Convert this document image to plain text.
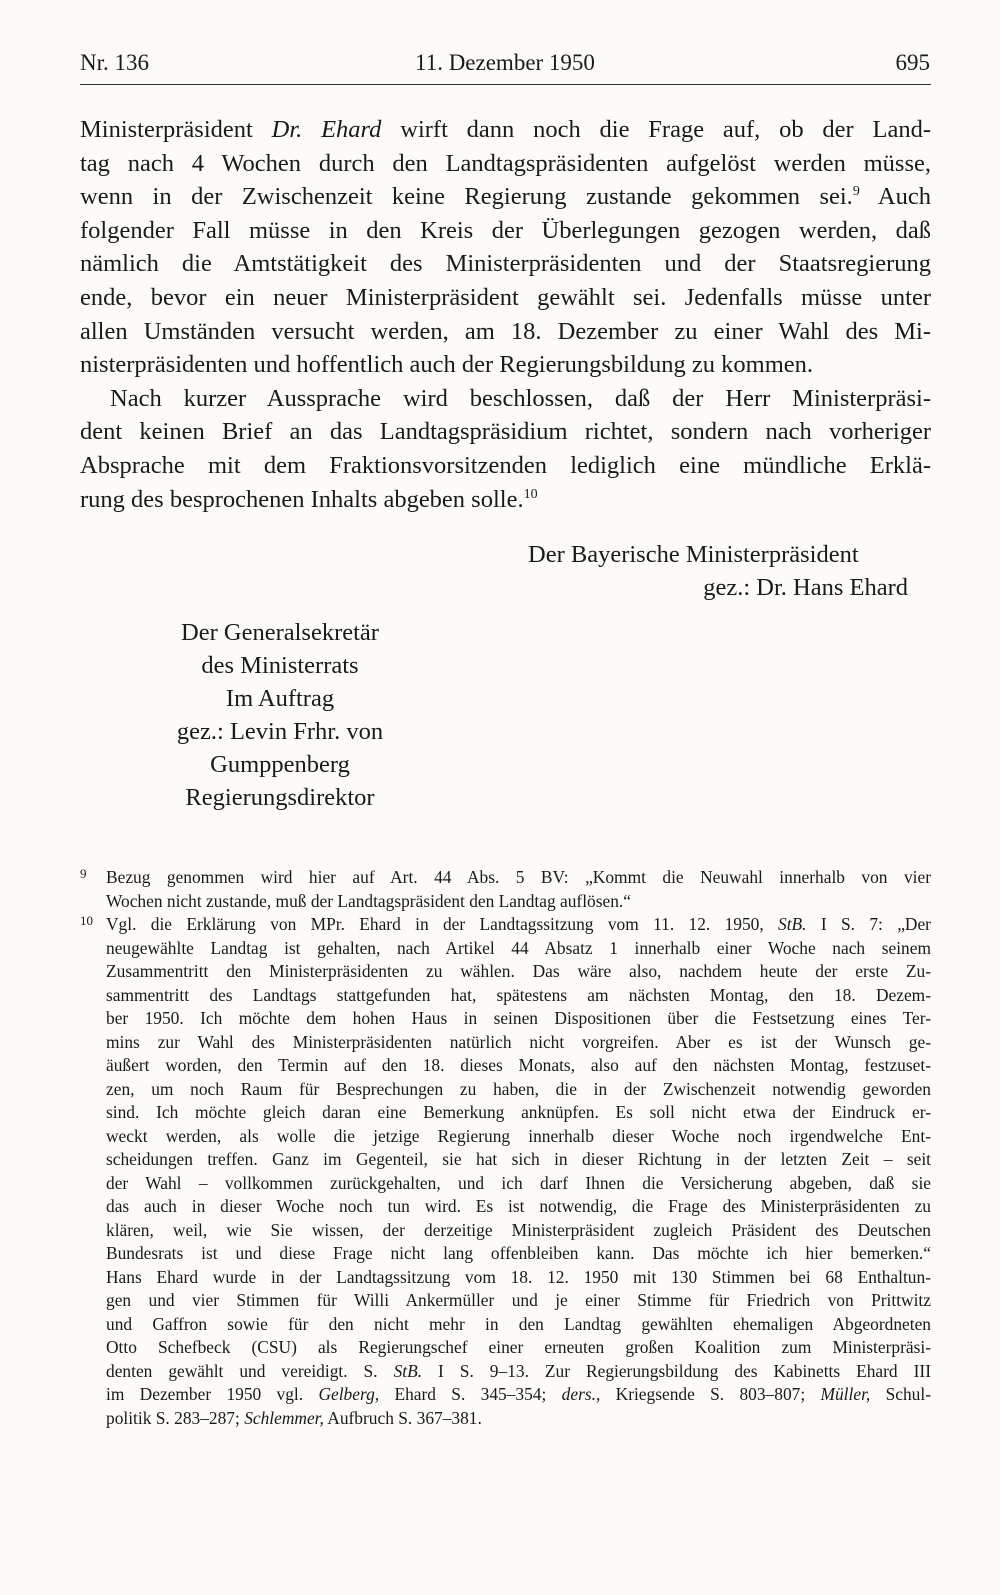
Nr. 136	11. Dezember 1950	695
Ministerpräsident Dr. Ehard wirft dann noch die Frage auf, ob der Land-
tag nach 4 Wochen durch den Landtagspräsidenten aufgelöst werden müsse,
wenn in der Zwischenzeit keine Regierung zustande gekommen sei.$^9$ Auch
folgender Fall müsse in den Kreis der Überlegungen gezogen werden, daß
nämlich die Amtstätigkeit des Ministerpräsidenten und der Staatsregierung
ende, bevor ein neuer Ministerpräsident gewählt sei. Jedenfalls müsse unter
allen Umständen versucht werden, am 18. Dezember zu einer Wahl des Mi-
nisterpräsidenten und hoffentlich auch der Regierungsbildung zu kommen.
Nach kurzer Aussprache wird beschlossen, daß der Herr Ministerpräsi-
dent keinen Brief an das Landtagspräsidium richtet, sondern nach vorheriger
Absprache mit dem Fraktionsvorsitzenden lediglich eine mündliche Erklä-
rung des besprochenen Inhalts abgeben solle.$^{10}$
Der Bayerische Ministerpräsident
gez.: Dr. Hans Ehard
Der Generalsekretär
des Ministerrats
Im Auftrag
gez.: Levin Frhr. von Gumppenberg
Regierungsdirektor
9 Bezug genommen wird hier auf Art. 44 Abs. 5 BV: „Kommt die Neuwahl innerhalb von vier
Wochen nicht zustande, muß der Landtagspräsident den Landtag auflösen.“
10 Vgl. die Erklärung von MPr. Ehard in der Landtagssitzung vom 11. 12. 1950, StB. I S. 7: „Der
neugewählte Landtag ist gehalten, nach Artikel 44 Absatz 1 innerhalb einer Woche nach seinem
Zusammentritt den Ministerpräsidenten zu wählen. Das wäre also, nachdem heute der erste Zu-
sammentritt des Landtags stattgefunden hat, spätestens am nächsten Montag, den 18. Dezem-
ber 1950. Ich möchte dem hohen Haus in seinen Dispositionen über die Festsetzung eines Ter-
mins zur Wahl des Ministerpräsidenten natürlich nicht vorgreifen. Aber es ist der Wunsch ge-
äußert worden, den Termin auf den 18. dieses Monats, also auf den nächsten Montag, festzuset-
zen, um noch Raum für Besprechungen zu haben, die in der Zwischenzeit notwendig geworden
sind. Ich möchte gleich daran eine Bemerkung anknüpfen. Es soll nicht etwa der Eindruck er-
weckt werden, als wolle die jetzige Regierung innerhalb dieser Woche noch irgendwelche Ent-
scheidungen treffen. Ganz im Gegenteil, sie hat sich in dieser Richtung in der letzten Zeit – seit
der Wahl – vollkommen zurückgehalten, und ich darf Ihnen die Versicherung abgeben, daß sie
das auch in dieser Woche noch tun wird. Es ist notwendig, die Frage des Ministerpräsidenten zu
klären, weil, wie Sie wissen, der derzeitige Ministerpräsident zugleich Präsident des Deutschen
Bundesrats ist und diese Frage nicht lang offenbleiben kann. Das möchte ich hier bemerken.“
Hans Ehard wurde in der Landtagssitzung vom 18. 12. 1950 mit 130 Stimmen bei 68 Enthaltun-
gen und vier Stimmen für Willi Ankermüller und je einer Stimme für Friedrich von Prittwitz
und Gaffron sowie für den nicht mehr in den Landtag gewählten ehemaligen Abgeordneten
Otto Schefbeck (CSU) als Regierungschef einer erneuten großen Koalition zum Ministerpräsi-
denten gewählt und vereidigt. S. StB. I S. 9–13. Zur Regierungsbildung des Kabinetts Ehard III
im Dezember 1950 vgl. Gelberg, Ehard S. 345–354; ders., Kriegsende S. 803–807; Müller, Schul-
politik S. 283–287; Schlemmer, Aufbruch S. 367–381.
